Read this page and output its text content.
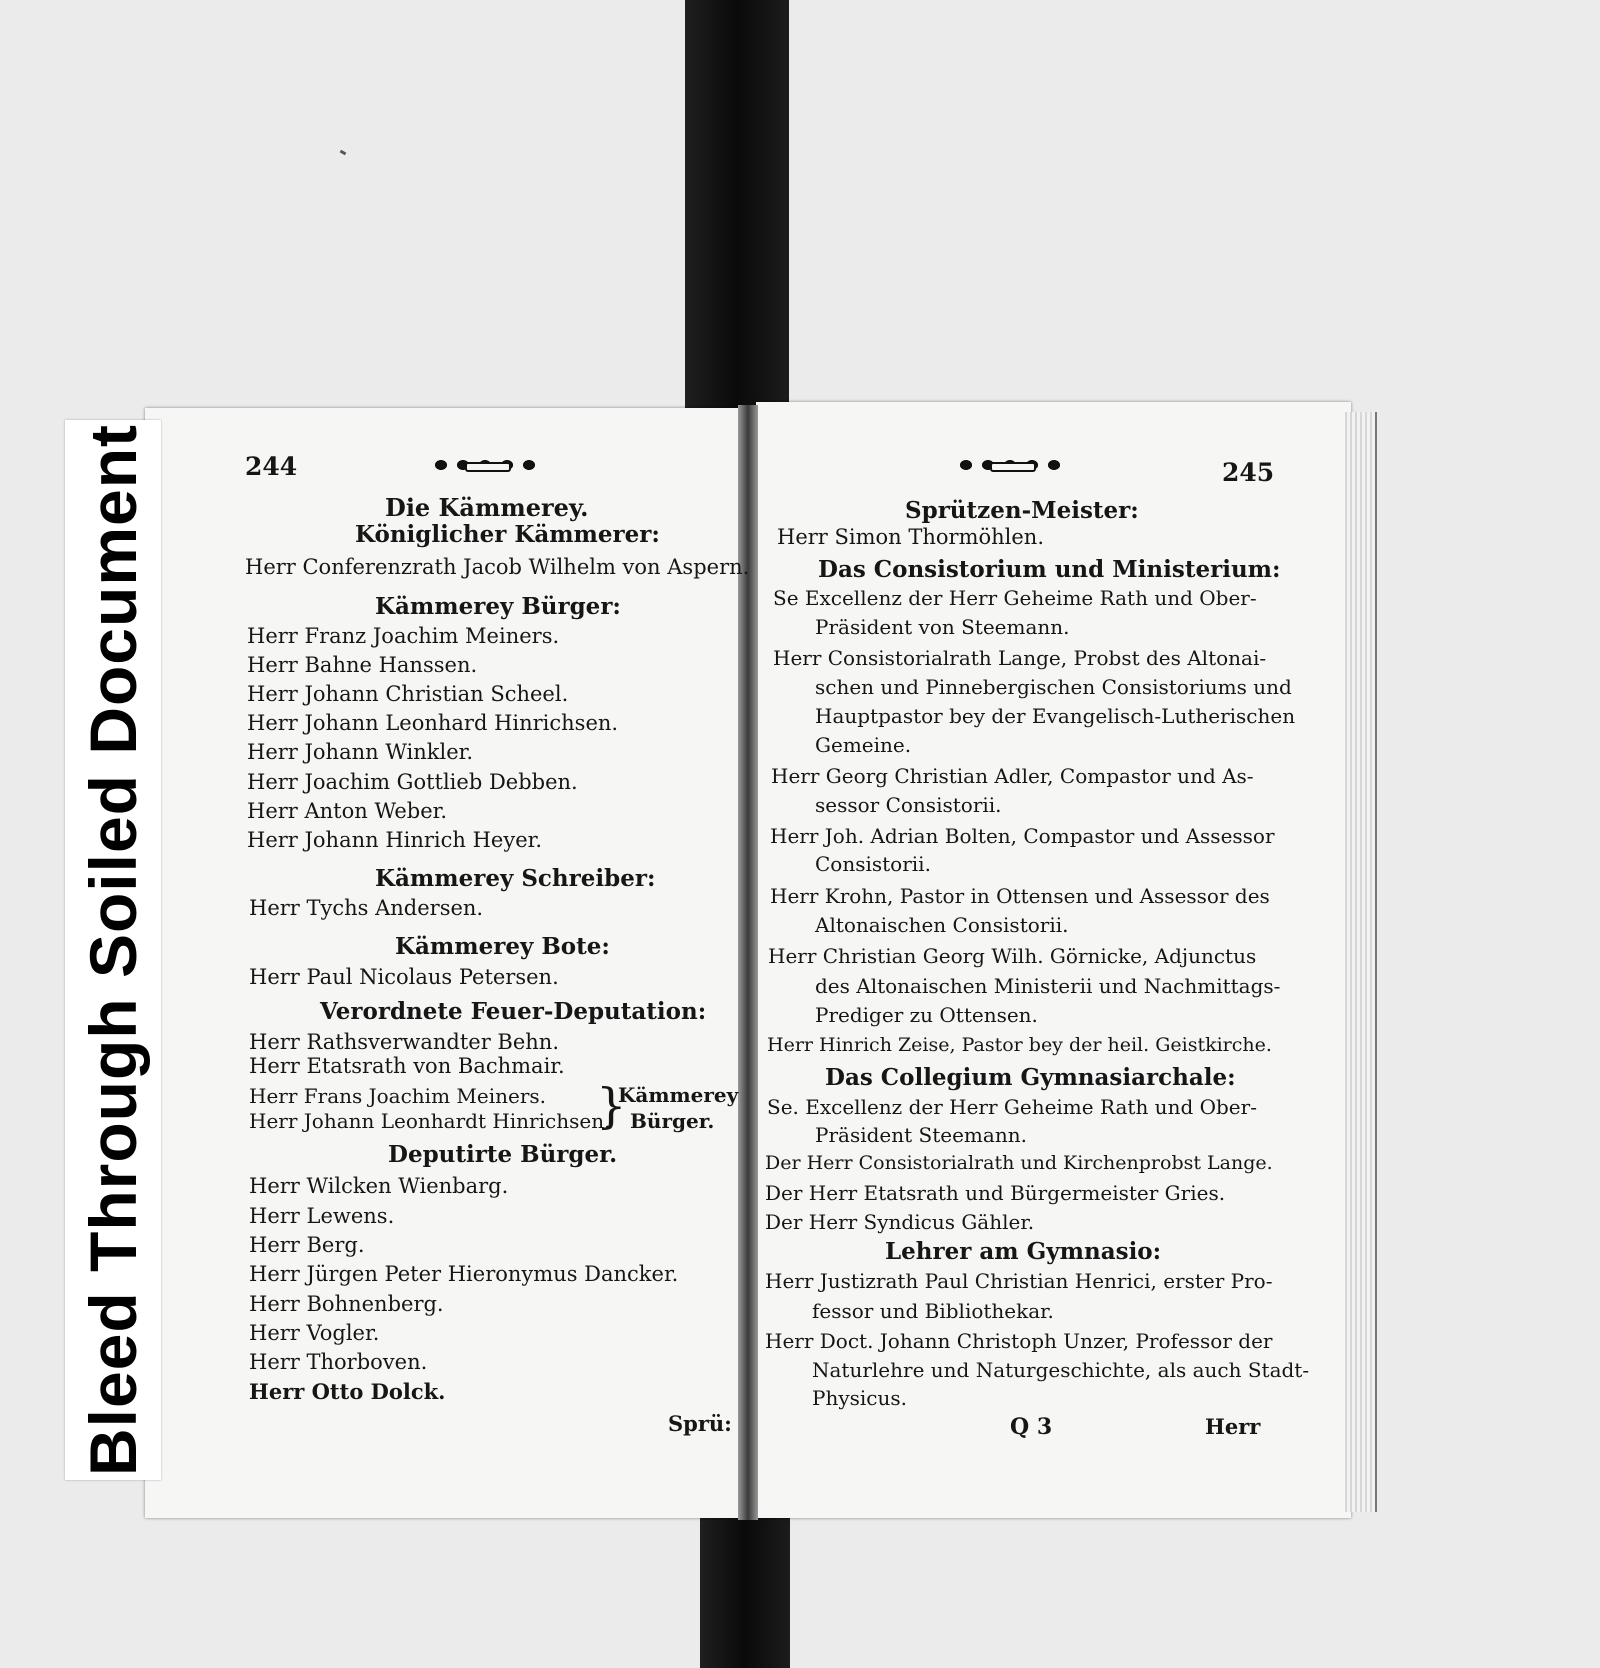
Bleed Through Soiled Document	244	245

Die Kämmerey.
Königlicher Kämmerer:
Herr Conferenzrath Jacob Wilhelm von Aspern.
Kämmerey Bürger:
Herr Franz Joachim Meiners.
Herr Bahne Hanssen.
Herr Johann Christian Scheel.
Herr Johann Leonhard Hinrichsen.
Herr Johann Winkler.
Herr Joachim Gottlieb Debben.
Herr Anton Weber.
Herr Johann Hinrich Heyer.
Kämmerey Schreiber:
Herr Tychs Andersen.
Kämmerey Bote:
Herr Paul Nicolaus Petersen.
Verordnete Feuer-Deputation:
Herr Rathsverwandter Behn.
Herr Etatsrath von Bachmair.
Herr Frans Joachim Meiners.
Herr Johann Leonhardt Hinrichsen.
}
Kämmerey
Bürger.
Deputirte Bürger.
Herr Wilcken Wienbarg.
Herr Lewens.
Herr Berg.
Herr Jürgen Peter Hieronymus Dancker.
Herr Bohnenberg.
Herr Vogler.
Herr Thorboven.
Herr Otto Dolck.
Sprü:
Sprützen-Meister:
Herr Simon Thormöhlen.
Das Consistorium und Ministerium:
Se Excellenz der Herr Geheime Rath und Ober-
Präsident von Steemann.
Herr Consistorialrath Lange, Probst des Altonai-
schen und Pinnebergischen Consistoriums und
Hauptpastor bey der Evangelisch-Lutherischen
Gemeine.
Herr Georg Christian Adler, Compastor und As-
sessor Consistorii.
Herr Joh. Adrian Bolten, Compastor und Assessor
Consistorii.
Herr Krohn, Pastor in Ottensen und Assessor des
Altonaischen Consistorii.
Herr Christian Georg Wilh. Görnicke, Adjunctus
des Altonaischen Ministerii und Nachmittags-
Prediger zu Ottensen.
Herr Hinrich Zeise, Pastor bey der heil. Geistkirche.
Das Collegium Gymnasiarchale:
Se. Excellenz der Herr Geheime Rath und Ober-
Präsident Steemann.
Der Herr Consistorialrath und Kirchenprobst Lange.
Der Herr Etatsrath und Bürgermeister Gries.
Der Herr Syndicus Gähler.
Lehrer am Gymnasio:
Herr Justizrath Paul Christian Henrici, erster Pro-
fessor und Bibliothekar.
Herr Doct. Johann Christoph Unzer, Professor der
Naturlehre und Naturgeschichte, als auch Stadt-
Physicus.
Q 3	Herr
